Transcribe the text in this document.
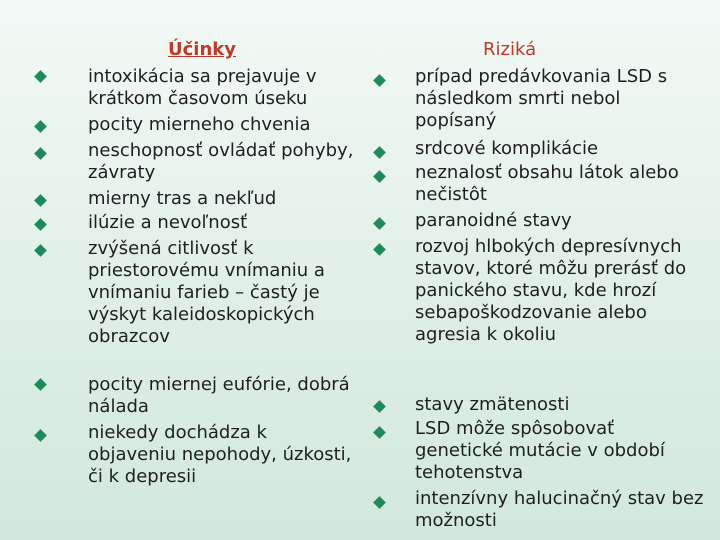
Účinky	Riziká
intoxikácia sa prejavuje v krátkom časovom úseku
pocity mierneho chvenia
neschopnosť ovládať pohyby, závraty
mierny tras a nekľud
ilúzie a nevoľnosť
zvýšená citlivosť k priestorovému vnímaniu a vnímaniu farieb – častý je výskyt kaleidoskopických obrazcov
pocity miernej eufórie, dobrá nálada
niekedy dochádza k objaveniu nepohody, úzkosti, či k depresii
prípad predávkovania LSD s následkom smrti nebol popísaný
srdcové komplikácie
neznalosť obsahu látok alebo nečistôt
paranoidné stavy
rozvoj hlbokých depresívnych stavov, ktoré môžu prerásť do panického stavu, kde hrozí sebapoškodzovanie alebo agresia k okoliu
stavy zmätenosti
LSD môže spôsobovať genetické mutácie v období tehotenstva
intenzívny halucinačný stav bez možnosti
